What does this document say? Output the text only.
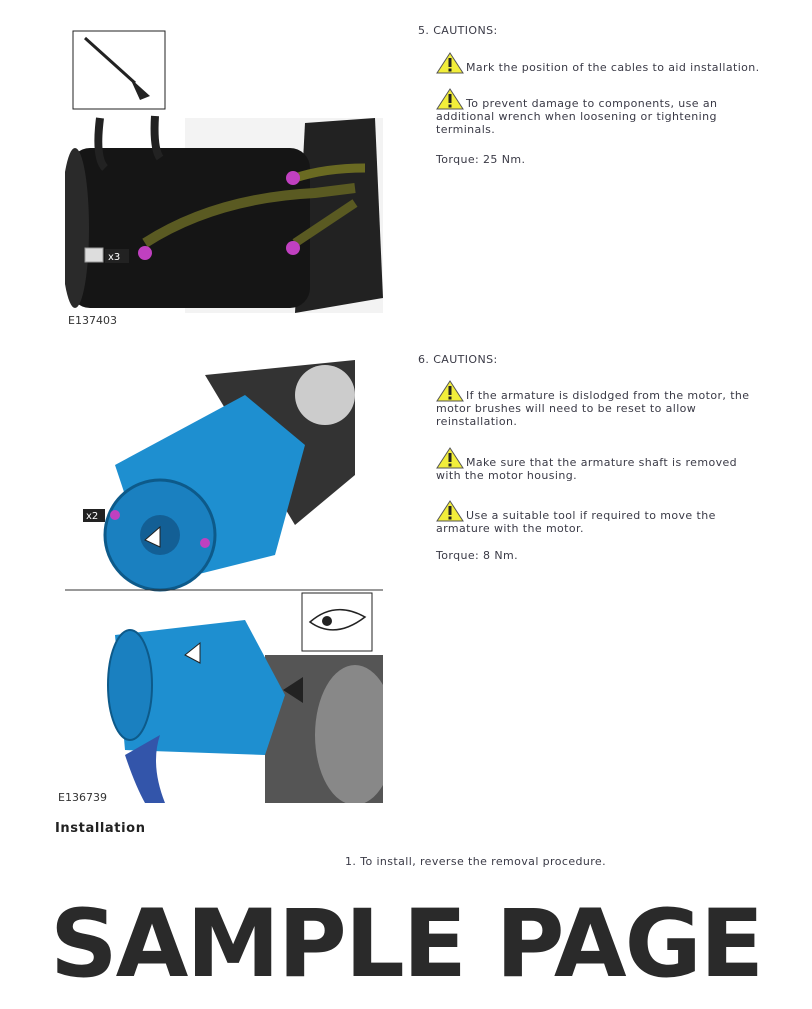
x3
E137403
5. CAUTIONS:
Mark the position of the cables to aid installation.
To prevent damage to components, use an additional wrench when loosening or tightening terminals.
Torque: 25 Nm.
x2
E136739
6. CAUTIONS:
If the armature is dislodged from the motor, the motor brushes will need to be reset to allow reinstallation.
Make sure that the armature shaft is removed with the motor housing.
Use a suitable tool if required to move the armature with the motor.
Torque: 8 Nm.
Installation
1. To install, reverse the removal procedure.
SAMPLE PAGE
